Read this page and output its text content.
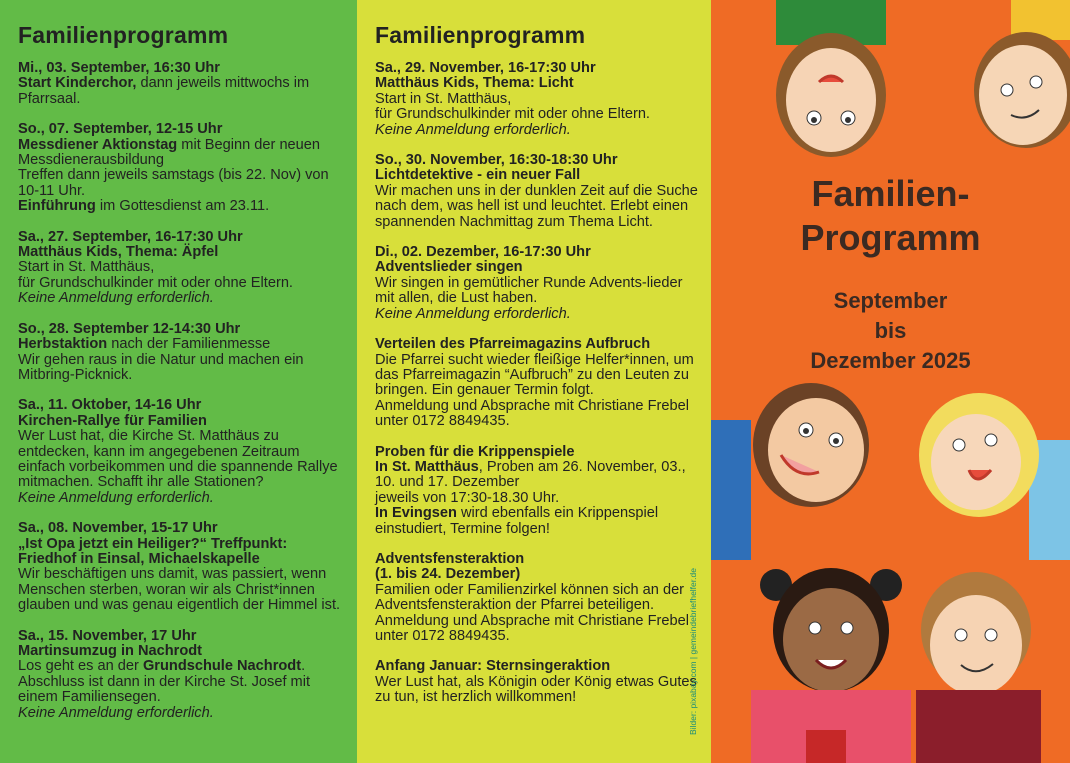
Familienprogramm
Mi., 03. September, 16:30 Uhr
Start Kinderchor, dann jeweils mittwochs im Pfarrsaal.
So., 07. September, 12-15 Uhr
Messdiener Aktionstag mit Beginn der neuen Messdienerausbildung
Treffen dann jeweils samstags (bis 22. Nov) von 10-11 Uhr.
Einführung im Gottesdienst am 23.11.
Sa., 27. September, 16-17:30 Uhr
Matthäus Kids, Thema: Äpfel
Start in St. Matthäus,
für Grundschulkinder mit oder ohne Eltern.
Keine Anmeldung erforderlich.
So., 28. September 12-14:30 Uhr
Herbstaktion nach der Familienmesse
Wir gehen raus in die Natur und machen ein Mitbring-Picknick.
Sa., 11. Oktober, 14-16 Uhr
Kirchen-Rallye für Familien
Wer Lust hat, die Kirche St. Matthäus zu entdecken, kann im angegebenen Zeitraum einfach vorbeikommen und die spannende Rallye mitmachen. Schafft ihr alle Stationen?
Keine Anmeldung erforderlich.
Sa., 08. November, 15-17 Uhr
„Ist Opa jetzt ein Heiliger?“ Treffpunkt: Friedhof in Einsal, Michaelskapelle
Wir beschäftigen uns damit, was passiert, wenn Menschen sterben, woran wir als Christ*innen glauben und was genau eigentlich der Himmel ist.
Sa., 15. November, 17 Uhr
Martinsumzug in Nachrodt
Los geht es an der Grundschule Nachrodt. Abschluss ist dann in der Kirche St. Josef mit einem Familiensegen.
Keine Anmeldung erforderlich.
Familienprogramm
Sa., 29. November, 16-17:30 Uhr
Matthäus Kids, Thema: Licht
Start in St. Matthäus,
für Grundschulkinder mit oder ohne Eltern.
Keine Anmeldung erforderlich.
So., 30. November, 16:30-18:30 Uhr
Lichtdetektive - ein neuer Fall
Wir machen uns in der dunklen Zeit auf die Suche nach dem, was hell ist und leuchtet. Erlebt einen spannenden Nachmittag zum Thema Licht.
Di., 02. Dezember, 16-17:30 Uhr
Adventslieder singen
Wir singen in gemütlicher Runde Advents-lieder mit allen, die Lust haben.
Keine Anmeldung erforderlich.
Verteilen des Pfarreimagazins Aufbruch
Die Pfarrei sucht wieder fleißige Helfer*innen, um das Pfarreimagazin “Aufbruch” zu den Leuten zu bringen. Ein genauer Termin folgt.
Anmeldung und Absprache mit Christiane Frebel unter 0172 8849435.
Proben für die Krippenspiele
In St. Matthäus, Proben am 26. November, 03., 10. und 17. Dezember
jeweils von 17:30-18.30 Uhr.
In Evingsen wird ebenfalls ein Krippenspiel einstudiert, Termine folgen!
Adventsfensteraktion
(1. bis 24. Dezember)
Familien oder Familienzirkel können sich an der Adventsfensteraktion der Pfarrei beteiligen.
Anmeldung und Absprache mit Christiane Frebel unter 0172 8849435.
Anfang Januar: Sternsingeraktion
Wer Lust hat, als Königin oder König etwas Gutes zu tun, ist herzlich willkommen!	Bilder: pixabay.com | gemeindebriefhelfer.de
Familien-
Programm
September
bis
Dezember 2025
